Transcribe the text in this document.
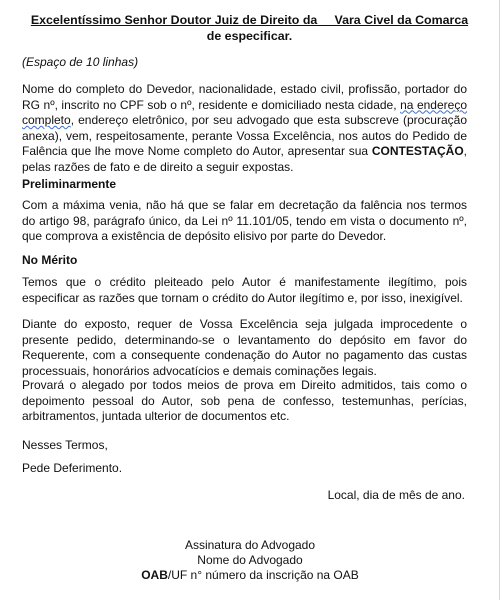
Excelentíssimo Senhor Doutor Juiz de Direito da __Vara Civel da Comarca
de especificar.
(Espaço de 10 linhas)

Nome do completo do Devedor, nacionalidade, estado civil, profissão, portador do RG nº, inscrito no CPF sob o nº, residente e domiciliado nesta cidade, na endereço completo, endereço eletrônico, por seu advogado que esta subscreve (procuração anexa), vem, respeitosamente, perante Vossa Excelência, nos autos do Pedido de Falência que lhe move Nome completo do Autor, apresentar sua CONTESTAÇÃO, pelas razões de fato e de direito a seguir expostas.

Preliminarmente

Com a máxima venia, não há que se falar em decretação da falência nos termos do artigo 98, parágrafo único, da Lei nº 11.101/05, tendo em vista o documento nº, que comprova a existência de depósito elisivo por parte do Devedor.

No Mérito

Temos que o crédito pleiteado pelo Autor é manifestamente ilegítimo, pois especificar as razões que tornam o crédito do Autor ilegítimo e, por isso, inexigível.

Diante do exposto, requer de Vossa Excelência seja julgada improcedente o presente pedido, determinando-se o levantamento do depósito em favor do Requerente, com a consequente condenação do Autor no pagamento das custas processuais, honorários advocatícios e demais cominações legais.

Provará o alegado por todos meios de prova em Direito admitidos, tais como o depoimento pessoal do Autor, sob pena de confesso, testemunhas, perícias, arbitramentos, juntada ulterior de documentos etc.

Nesses Termos,
Pede Deferimento.
Local, dia de mês de ano.
Assinatura do Advogado
Nome do Advogado
OAB/UF n° número da inscrição na OAB
